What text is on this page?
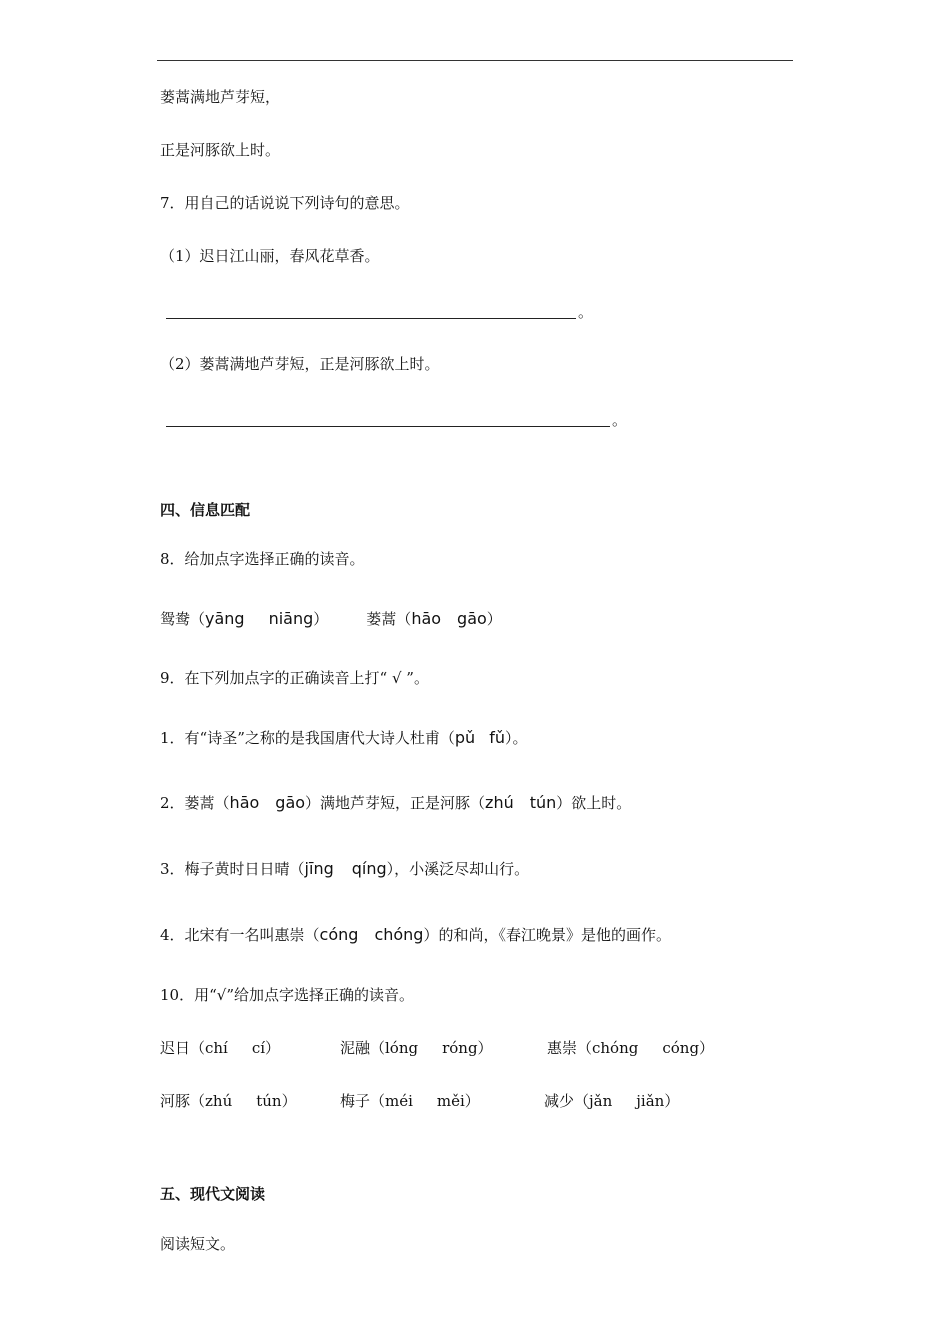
蒌蒿满地芦芽短，
正是河豚欲上时。
7．用自己的话说说下列诗句的意思。
（1）迟日江山丽，春风花草香。
。
（2）蒌蒿满地芦芽短，正是河豚欲上时。
。
四、信息匹配
8．给加点字选择正确的读音。
鸳鸯（yāng niāng）	蒌蒿（hāo gāo）
9．在下列加点字的正确读音上打“ √ ”。
1．有“诗圣”之称的是我国唐代大诗人杜甫（pǔ fǔ）。
2．蒌蒿（hāo gāo）满地芦芽短，正是河豚（zhú tún）欲上时。
3．梅子黄时日日晴（jīng qíng），小溪泛尽却山行。
4．北宋有一名叫惠崇（cóng chóng）的和尚，《春江晚景》是他的画作。
10．用“√”给加点字选择正确的读音。
迟日（chí cí）	泥融（lóng róng）	惠崇（chóng cóng）
河豚（zhú tún）	梅子（méi měi）	减少（jǎn jiǎn）
五、现代文阅读
阅读短文。
